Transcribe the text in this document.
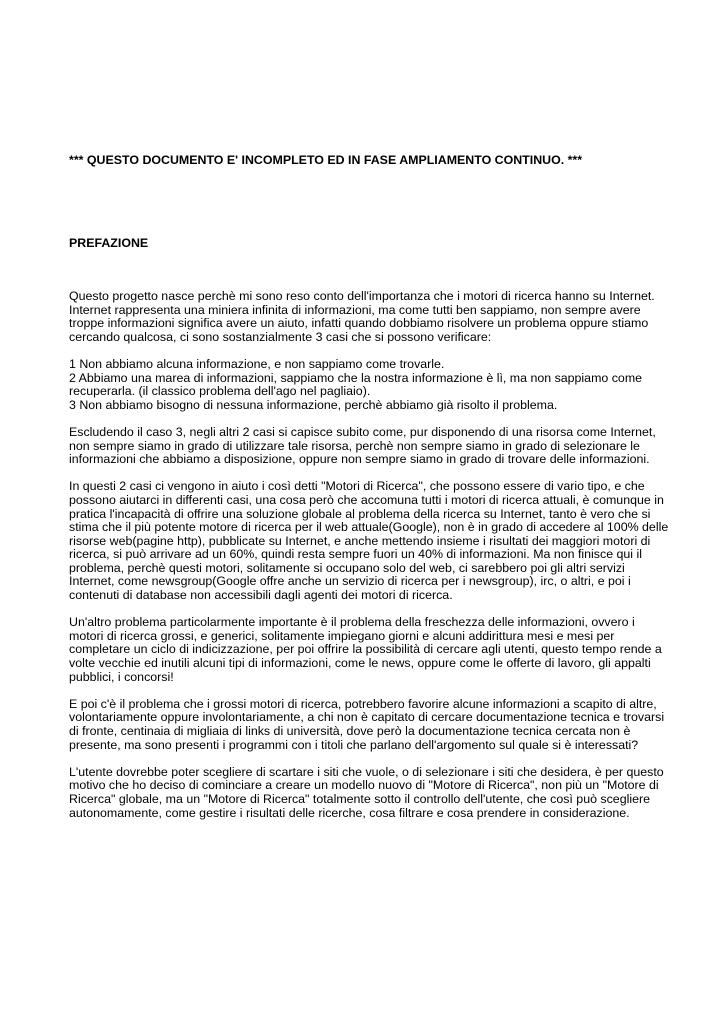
*** QUESTO DOCUMENTO E' INCOMPLETO ED IN FASE AMPLIAMENTO CONTINUO. ***

PREFAZIONE

Questo progetto nasce perchè mi sono reso conto dell'importanza che i motori di ricerca hanno su Internet. Internet rappresenta una miniera infinita di informazioni, ma come tutti ben sappiamo, non sempre avere troppe informazioni significa avere un aiuto, infatti quando dobbiamo risolvere un problema oppure stiamo cercando qualcosa, ci sono sostanzialmente 3 casi che si possono verificare:

1 Non abbiamo alcuna informazione, e non sappiamo come trovarle.

2 Abbiamo una marea di informazioni, sappiamo che la nostra informazione è lì, ma non sappiamo come recuperarla. (il classico problema dell'ago nel pagliaio).

3 Non abbiamo bisogno di nessuna informazione, perchè abbiamo già risolto il problema.

Escludendo il caso 3, negli altri 2 casi si capisce subito come, pur disponendo di una risorsa come Internet, non sempre siamo in grado di utilizzare tale risorsa, perchè non sempre siamo in grado di selezionare le informazioni che abbiamo a disposizione, oppure non sempre siamo in grado di trovare delle informazioni.

In questi 2 casi ci vengono in aiuto i così detti "Motori di Ricerca", che possono essere di vario tipo, e che possono aiutarci in differenti casi, una cosa però che accomuna tutti i motori di ricerca attuali, è comunque in pratica l'incapacità di offrire una soluzione globale al problema della ricerca su Internet, tanto è vero che si stima che il più potente motore di ricerca per il web attuale(Google), non è in grado di accedere al 100% delle risorse web(pagine http), pubblicate su Internet, e anche mettendo insieme i risultati dei maggiori motori di ricerca, si può arrivare ad un 60%, quindi resta sempre fuori un 40% di informazioni. Ma non finisce qui il problema, perchè questi motori, solitamente si occupano solo del web, ci sarebbero poi gli altri servizi Internet, come newsgroup(Google offre anche un servizio di ricerca per i newsgroup), irc, o altri, e poi i contenuti di database non accessibili dagli agenti dei motori di ricerca.

Un'altro problema particolarmente importante è il problema della freschezza delle informazioni, ovvero i motori di ricerca grossi, e generici, solitamente impiegano giorni e alcuni addirittura mesi e mesi per completare un ciclo di indicizzazione, per poi offrire la possibilità di cercare agli utenti, questo tempo rende a volte vecchie ed inutili alcuni tipi di informazioni, come le news, oppure come le offerte di lavoro, gli appalti pubblici, i concorsi!

E poi c'è il problema che i grossi motori di ricerca, potrebbero favorire alcune informazioni a scapito di altre, volontariamente oppure involontariamente, a chi non è capitato di cercare documentazione tecnica e trovarsi di fronte, centinaia di migliaia di links di università, dove però la documentazione tecnica cercata non è presente, ma sono presenti i programmi con i titoli che parlano dell'argomento sul quale si è interessati?

L'utente dovrebbe poter scegliere di scartare i siti che vuole, o di selezionare i siti che desidera, è per questo motivo che ho deciso di cominciare a creare un modello nuovo di "Motore di Ricerca", non più un "Motore di Ricerca" globale, ma un "Motore di Ricerca" totalmente sotto il controllo dell'utente, che così può scegliere autonomamente, come gestire i risultati delle ricerche, cosa filtrare e cosa prendere in considerazione.
